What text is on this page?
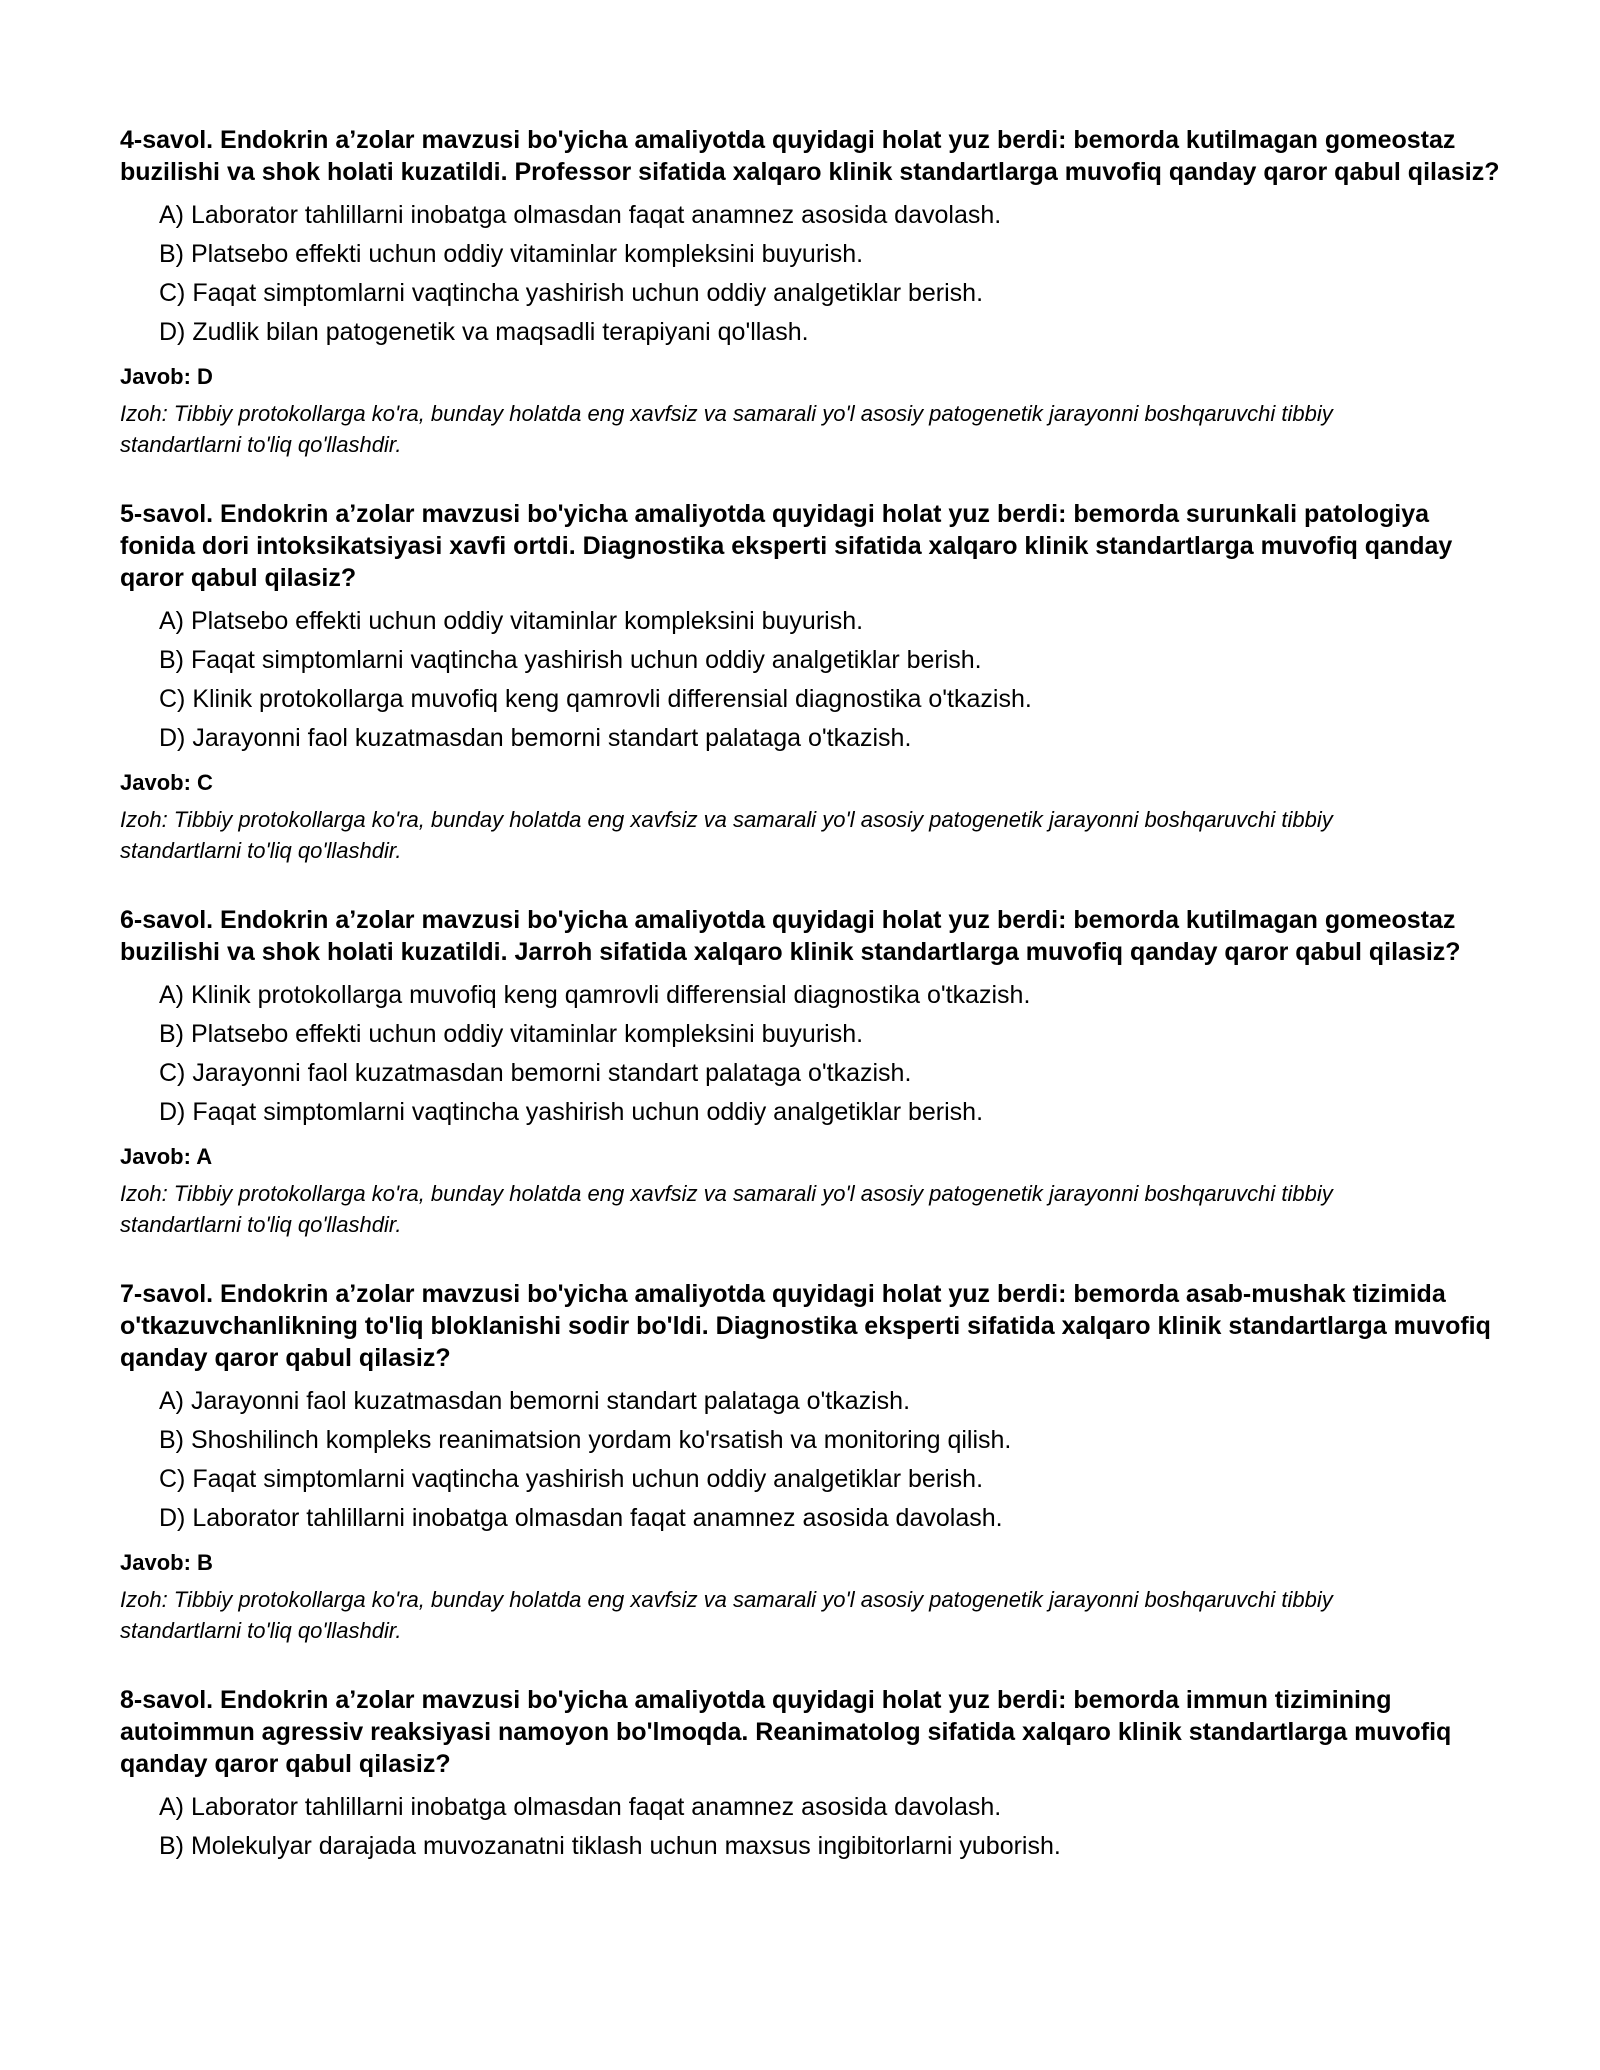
4-savol. Endokrin a’zolar mavzusi bo'yicha amaliyotda quyidagi holat yuz berdi: bemorda kutilmagan gomeostaz buzilishi va shok holati kuzatildi. Professor sifatida xalqaro klinik standartlarga muvofiq qanday qaror qabul qilasiz?
A) Laborator tahlillarni inobatga olmasdan faqat anamnez asosida davolash.
B) Platsebo effekti uchun oddiy vitaminlar kompleksini buyurish.
C) Faqat simptomlarni vaqtincha yashirish uchun oddiy analgetiklar berish.
D) Zudlik bilan patogenetik va maqsadli terapiyani qo'llash.
Javob: D
Izoh: Tibbiy protokollarga ko'ra, bunday holatda eng xavfsiz va samarali yo'l asosiy patogenetik jarayonni boshqaruvchi tibbiy standartlarni to'liq qo'llashdir.
5-savol. Endokrin a’zolar mavzusi bo'yicha amaliyotda quyidagi holat yuz berdi: bemorda surunkali patologiya fonida dori intoksikatsiyasi xavfi ortdi. Diagnostika eksperti sifatida xalqaro klinik standartlarga muvofiq qanday qaror qabul qilasiz?
A) Platsebo effekti uchun oddiy vitaminlar kompleksini buyurish.
B) Faqat simptomlarni vaqtincha yashirish uchun oddiy analgetiklar berish.
C) Klinik protokollarga muvofiq keng qamrovli differensial diagnostika o'tkazish.
D) Jarayonni faol kuzatmasdan bemorni standart palataga o'tkazish.
Javob: C
Izoh: Tibbiy protokollarga ko'ra, bunday holatda eng xavfsiz va samarali yo'l asosiy patogenetik jarayonni boshqaruvchi tibbiy standartlarni to'liq qo'llashdir.
6-savol. Endokrin a’zolar mavzusi bo'yicha amaliyotda quyidagi holat yuz berdi: bemorda kutilmagan gomeostaz buzilishi va shok holati kuzatildi. Jarroh sifatida xalqaro klinik standartlarga muvofiq qanday qaror qabul qilasiz?
A) Klinik protokollarga muvofiq keng qamrovli differensial diagnostika o'tkazish.
B) Platsebo effekti uchun oddiy vitaminlar kompleksini buyurish.
C) Jarayonni faol kuzatmasdan bemorni standart palataga o'tkazish.
D) Faqat simptomlarni vaqtincha yashirish uchun oddiy analgetiklar berish.
Javob: A
Izoh: Tibbiy protokollarga ko'ra, bunday holatda eng xavfsiz va samarali yo'l asosiy patogenetik jarayonni boshqaruvchi tibbiy standartlarni to'liq qo'llashdir.
7-savol. Endokrin a’zolar mavzusi bo'yicha amaliyotda quyidagi holat yuz berdi: bemorda asab-mushak tizimida o'tkazuvchanlikning to'liq bloklanishi sodir bo'ldi. Diagnostika eksperti sifatida xalqaro klinik standartlarga muvofiq qanday qaror qabul qilasiz?
A) Jarayonni faol kuzatmasdan bemorni standart palataga o'tkazish.
B) Shoshilinch kompleks reanimatsion yordam ko'rsatish va monitoring qilish.
C) Faqat simptomlarni vaqtincha yashirish uchun oddiy analgetiklar berish.
D) Laborator tahlillarni inobatga olmasdan faqat anamnez asosida davolash.
Javob: B
Izoh: Tibbiy protokollarga ko'ra, bunday holatda eng xavfsiz va samarali yo'l asosiy patogenetik jarayonni boshqaruvchi tibbiy standartlarni to'liq qo'llashdir.
8-savol. Endokrin a’zolar mavzusi bo'yicha amaliyotda quyidagi holat yuz berdi: bemorda immun tizimining autoimmun agressiv reaksiyasi namoyon bo'lmoqda. Reanimatolog sifatida xalqaro klinik standartlarga muvofiq qanday qaror qabul qilasiz?
A) Laborator tahlillarni inobatga olmasdan faqat anamnez asosida davolash.
B) Molekulyar darajada muvozanatni tiklash uchun maxsus ingibitorlarni yuborish.
